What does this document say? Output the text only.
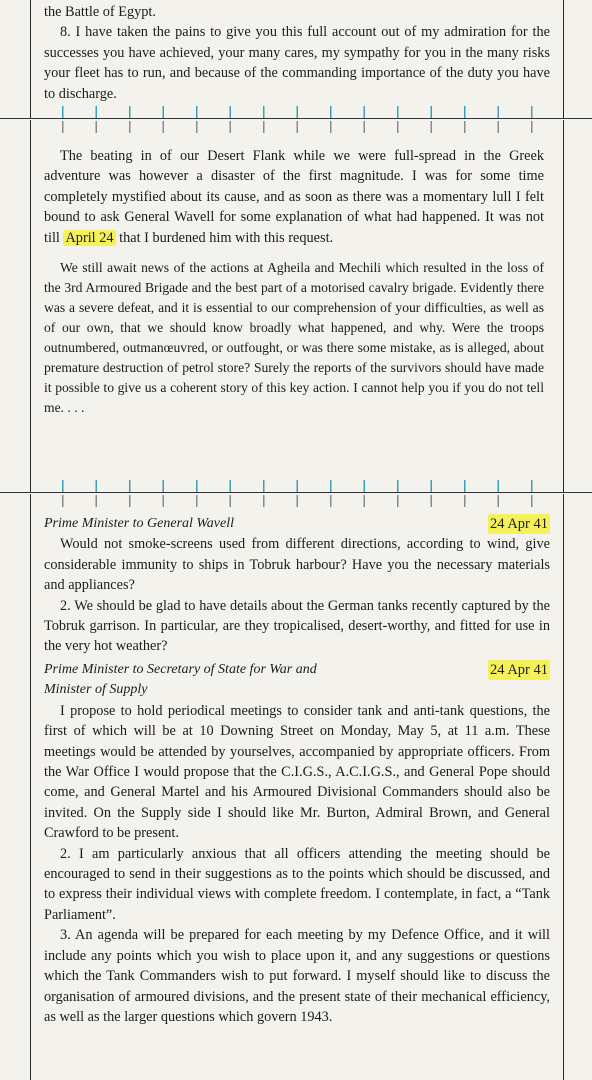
the Battle of Egypt.

8. I have taken the pains to give you this full account out of my admiration for the successes you have achieved, your many cares, my sympathy for you in the many risks your fleet has to run, and because of the commanding importance of the duty you have to discharge.

The beating in of our Desert Flank while we were full-spread in the Greek adventure was however a disaster of the first magnitude. I was for some time completely mystified about its cause, and as soon as there was a momentary lull I felt bound to ask General Wavell for some explanation of what had happened. It was not till April 24 that I burdened him with this request.

We still await news of the actions at Agheila and Mechili which resulted in the loss of the 3rd Armoured Brigade and the best part of a motorised cavalry brigade. Evidently there was a severe defeat, and it is essential to our comprehension of your difficulties, as well as of our own, that we should know broadly what happened, and why. Were the troops outnumbered, outmanœuvred, or outfought, or was there some mistake, as is alleged, about premature destruction of petrol store? Surely the reports of the survivors should have made it possible to give us a coherent story of this key action. I cannot help you if you do not tell me. . . .

Prime Minister to General Wavell	24 Apr 41

Would not smoke-screens used from different directions, according to wind, give considerable immunity to ships in Tobruk harbour? Have you the necessary materials and appliances?

2. We should be glad to have details about the German tanks recently captured by the Tobruk garrison. In particular, are they tropicalised, desert-worthy, and fitted for use in the very hot weather?

Prime Minister to Secretary of State for War and	24 Apr 41
Minister of Supply

I propose to hold periodical meetings to consider tank and anti-tank questions, the first of which will be at 10 Downing Street on Monday, May 5, at 11 a.m. These meetings would be attended by yourselves, accompanied by appropriate officers. From the War Office I would propose that the C.I.G.S., A.C.I.G.S., and General Pope should come, and General Martel and his Armoured Divisional Commanders should also be invited. On the Supply side I should like Mr. Burton, Admiral Brown, and General Crawford to be present.

2. I am particularly anxious that all officers attending the meeting should be encouraged to send in their suggestions as to the points which should be discussed, and to express their individual views with complete freedom. I contemplate, in fact, a “Tank Parliament”.

3. An agenda will be prepared for each meeting by my Defence Office, and it will include any points which you wish to place upon it, and any suggestions or questions which the Tank Commanders wish to put forward. I myself should like to discuss the organisation of armoured divisions, and the present state of their mechanical efficiency, as well as the larger questions which govern 1943.
